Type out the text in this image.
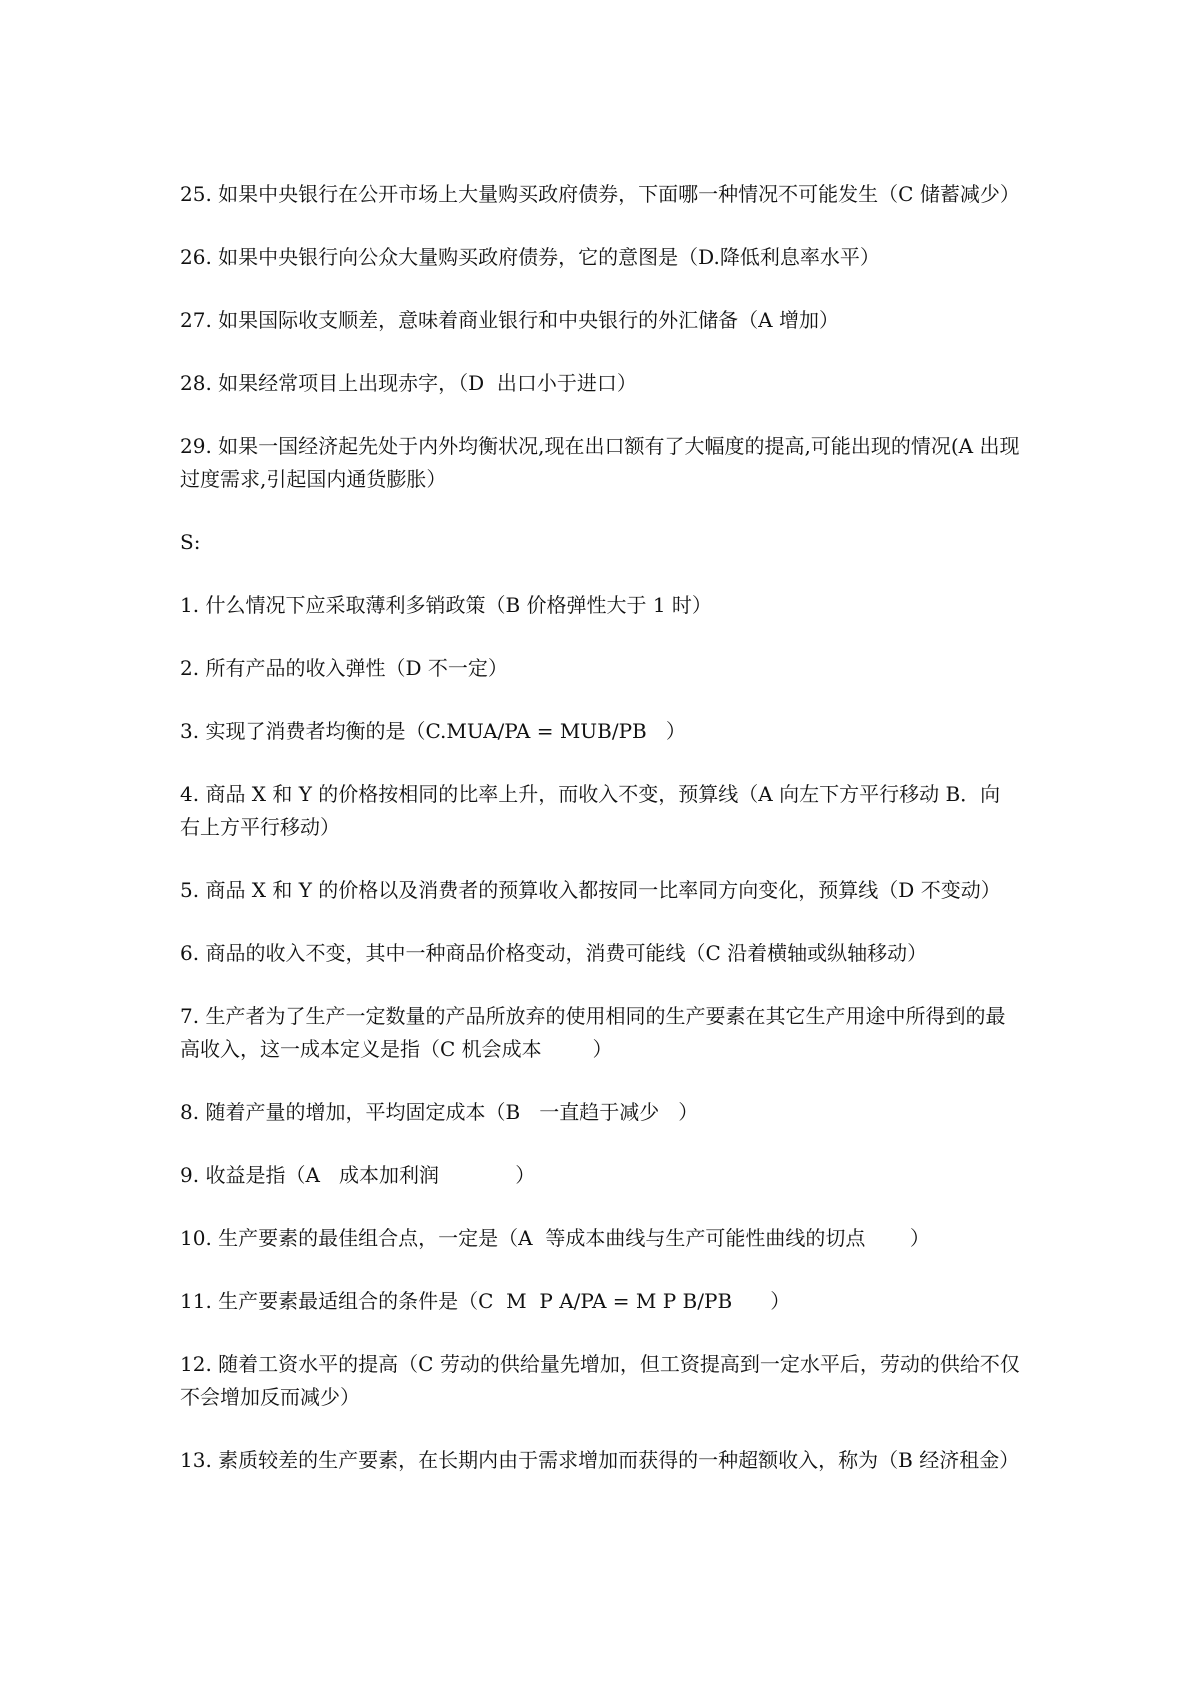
25. 如果中央银行在公开市场上大量购买政府债券，下面哪一种情况不可能发生（C 储蓄减少）

26. 如果中央银行向公众大量购买政府债券，它的意图是（D.降低利息率水平）

27. 如果国际收支顺差，意味着商业银行和中央银行的外汇储备（A 增加）

28. 如果经常项目上出现赤字，（D  出口小于进口）

29. 如果一国经济起先处于内外均衡状况,现在出口额有了大幅度的提高,可能出现的情况(A 出现过度需求,引起国内通货膨胀）

S:

1. 什么情况下应采取薄利多销政策（B 价格弹性大于 1 时）

2. 所有产品的收入弹性（D 不一定）

3. 实现了消费者均衡的是（C.MUA/PA = MUB/PB   ）

4. 商品 X 和 Y 的价格按相同的比率上升，而收入不变，预算线（A 向左下方平行移动 B．向右上方平行移动）

5. 商品 X 和 Y 的价格以及消费者的预算收入都按同一比率同方向变化，预算线（D 不变动）

6. 商品的收入不变，其中一种商品价格变动，消费可能线（C 沿着横轴或纵轴移动）

7. 生产者为了生产一定数量的产品所放弃的使用相同的生产要素在其它生产用途中所得到的最高收入，这一成本定义是指（C 机会成本        ）

8. 随着产量的增加，平均固定成本（B   一直趋于减少   ）

9. 收益是指（A   成本加利润            ）

10. 生产要素的最佳组合点，一定是（A  等成本曲线与生产可能性曲线的切点       ）

11. 生产要素最适组合的条件是（C  M  P A/PA = M P B/PB      ）

12. 随着工资水平的提高（C 劳动的供给量先增加，但工资提高到一定水平后，劳动的供给不仅不会增加反而减少）

13. 素质较差的生产要素，在长期内由于需求增加而获得的一种超额收入，称为（B 经济租金）
